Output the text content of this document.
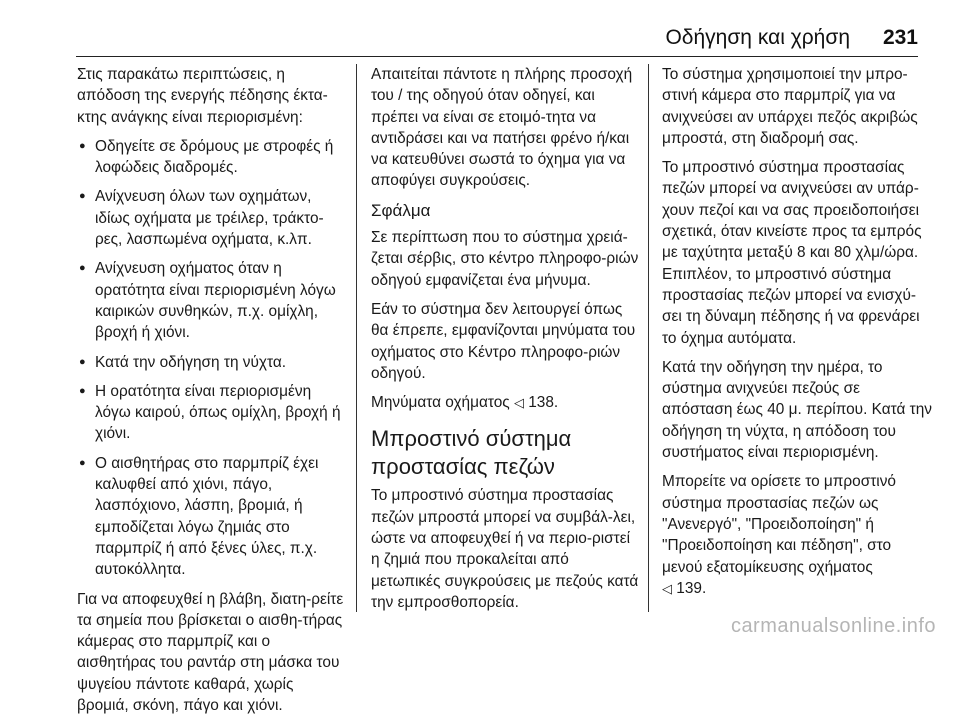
Οδήγηση και χρήση 231

Στις παρακάτω περιπτώσεις, η απόδοση της ενεργής πέδησης έκτα-κτης ανάγκης είναι περιορισμένη:

● Οδηγείτε σε δρόμους με στροφές ή λοφώδεις διαδρομές.
● Ανίχνευση όλων των οχημάτων, ιδίως οχήματα με τρέιλερ, τράκτο-ρες, λασπωμένα οχήματα, κ.λπ.
● Ανίχνευση οχήματος όταν η ορατότητα είναι περιορισμένη λόγω καιρικών συνθηκών, π.χ. ομίχλη, βροχή ή χιόνι.
● Κατά την οδήγηση τη νύχτα.
● Η ορατότητα είναι περιορισμένη λόγω καιρού, όπως ομίχλη, βροχή ή χιόνι.
● Ο αισθητήρας στο παρμπρίζ έχει καλυφθεί από χιόνι, πάγο, λασπόχιονο, λάσπη, βρομιά, ή εμποδίζεται λόγω ζημιάς στο παρμπρίζ ή από ξένες ύλες, π.χ. αυτοκόλλητα.

Για να αποφευχθεί η βλάβη, διατη-ρείτε τα σημεία που βρίσκεται ο αισθη-τήρας κάμερας στο παρμπρίζ και ο αισθητήρας του ραντάρ στη μάσκα του ψυγείου πάντοτε καθαρά, χωρίς βρομιά, σκόνη, πάγο και χιόνι.

Απαιτείται πάντοτε η πλήρης προσοχή του / της οδηγού όταν οδηγεί, και πρέπει να είναι σε ετοιμό-τητα να αντιδράσει και να πατήσει φρένο ή/και να κατευθύνει σωστά το όχημα για να αποφύγει συγκρούσεις.

Σφάλμα

Σε περίπτωση που το σύστημα χρειά-ζεται σέρβις, στο κέντρο πληροφο-ριών οδηγού εμφανίζεται ένα μήνυμα.

Εάν το σύστημα δεν λειτουργεί όπως θα έπρεπε, εμφανίζονται μηνύματα του οχήματος στο Κέντρο πληροφο-ριών οδηγού.

Μηνύματα οχήματος ◁ 138.

Μπροστινό σύστημα προστασίας πεζών

Το μπροστινό σύστημα προστασίας πεζών μπροστά μπορεί να συμβάλ-λει, ώστε να αποφευχθεί ή να περιο-ριστεί η ζημιά που προκαλείται από μετωπικές συγκρούσεις με πεζούς κατά την εμπροσθοπορεία.

Το σύστημα χρησιμοποιεί την μπρο-στινή κάμερα στο παρμπρίζ για να ανιχνεύσει αν υπάρχει πεζός ακριβώς μπροστά, στη διαδρομή σας.

Το μπροστινό σύστημα προστασίας πεζών μπορεί να ανιχνεύσει αν υπάρ-χουν πεζοί και να σας προειδοποιήσει σχετικά, όταν κινείστε προς τα εμπρός με ταχύτητα μεταξύ 8 και 80 χλμ/ώρα. Επιπλέον, το μπροστινό σύστημα προστασίας πεζών μπορεί να ενισχύ-σει τη δύναμη πέδησης ή να φρενάρει το όχημα αυτόματα.

Κατά την οδήγηση την ημέρα, το σύστημα ανιχνεύει πεζούς σε απόσταση έως 40 μ. περίπου. Κατά την οδήγηση τη νύχτα, η απόδοση του συστήματος είναι περιορισμένη.

Μπορείτε να ορίσετε το μπροστινό σύστημα προστασίας πεζών ως "Ανενεργό", "Προειδοποίηση" ή "Προειδοποίηση και πέδηση", στο μενού εξατομίκευσης οχήματος
◁ 139.

carmanualsonline.info
